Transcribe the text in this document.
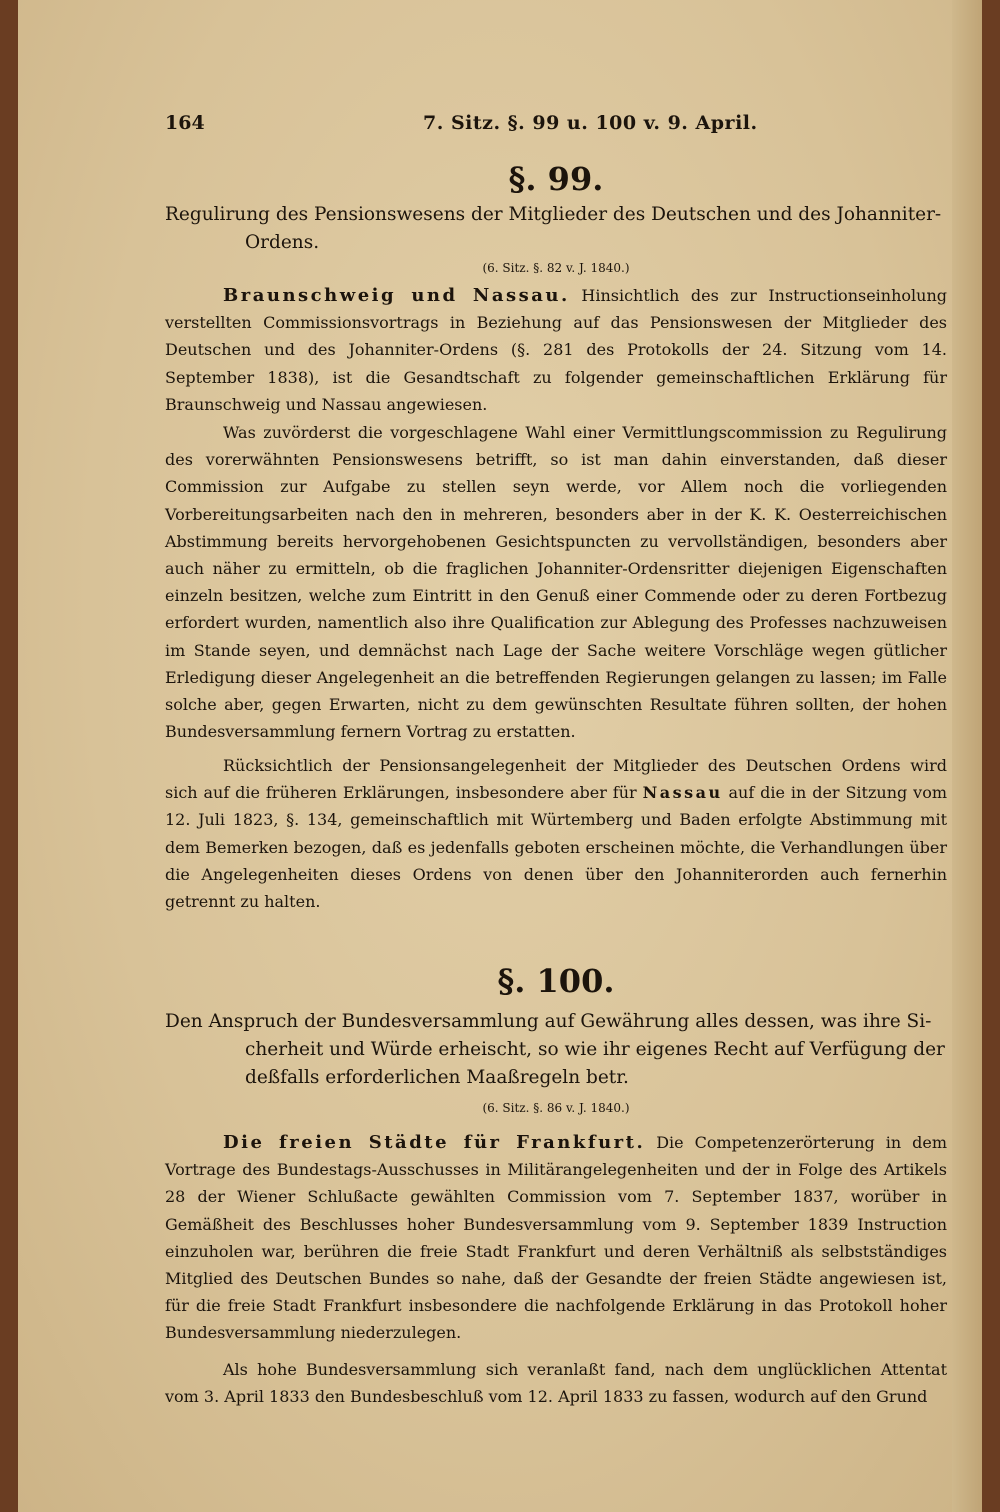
164	7. Sitz. §. 99 u. 100 v. 9. April.
§. 99.
Regulirung des Pensionswesens der Mitglieder des Deutschen und des Johanniter-
Ordens.
(6. Sitz. §. 82 v. J. 1840.)

Braunschweig und Nassau. Hinsichtlich des zur Instructionseinholung verstellten Commissionsvortrags in Beziehung auf das Pensionswesen der Mitglieder des Deutschen und des Johanniter-Ordens (§. 281 des Protokolls der 24. Sitzung vom 14. September 1838), ist die Gesandtschaft zu folgender gemeinschaftlichen Erklärung für Braunschweig und Nassau angewiesen.

Was zuvörderst die vorgeschlagene Wahl einer Vermittlungscommission zu Regulirung des vorerwähnten Pensionswesens betrifft, so ist man dahin einverstanden, daß dieser Commission zur Aufgabe zu stellen seyn werde, vor Allem noch die vorliegenden Vorbereitungsarbeiten nach den in mehreren, besonders aber in der K. K. Oesterreichischen Abstimmung bereits hervorgehobenen Gesichtspuncten zu vervollständigen, besonders aber auch näher zu ermitteln, ob die fraglichen Johanniter-Ordensritter diejenigen Eigenschaften einzeln besitzen, welche zum Eintritt in den Genuß einer Commende oder zu deren Fortbezug erfordert wurden, namentlich also ihre Qualification zur Ablegung des Professes nachzuweisen im Stande seyen, und demnächst nach Lage der Sache weitere Vorschläge wegen gütlicher Erledigung dieser Angelegenheit an die betreffenden Regierungen gelangen zu lassen; im Falle solche aber, gegen Erwarten, nicht zu dem gewünschten Resultate führen sollten, der hohen Bundesversammlung fernern Vortrag zu erstatten.

Rücksichtlich der Pensionsangelegenheit der Mitglieder des Deutschen Ordens wird sich auf die früheren Erklärungen, insbesondere aber für Nassau auf die in der Sitzung vom 12. Juli 1823, §. 134, gemeinschaftlich mit Würtemberg und Baden erfolgte Abstimmung mit dem Bemerken bezogen, daß es jedenfalls geboten erscheinen möchte, die Verhandlungen über die Angelegenheiten dieses Ordens von denen über den Johanniterorden auch fernerhin getrennt zu halten.

§. 100.
Den Anspruch der Bundesversammlung auf Gewährung alles dessen, was ihre Si-
cherheit und Würde erheischt, so wie ihr eigenes Recht auf Verfügung der
deßfalls erforderlichen Maaßregeln betr.
(6. Sitz. §. 86 v. J. 1840.)

Die freien Städte für Frankfurt. Die Competenzerörterung in dem Vortrage des Bundestags-Ausschusses in Militärangelegenheiten und der in Folge des Artikels 28 der Wiener Schlußacte gewählten Commission vom 7. September 1837, worüber in Gemäßheit des Beschlusses hoher Bundesversammlung vom 9. September 1839 Instruction einzuholen war, berühren die freie Stadt Frankfurt und deren Verhältniß als selbstständiges Mitglied des Deutschen Bundes so nahe, daß der Gesandte der freien Städte angewiesen ist, für die freie Stadt Frankfurt insbesondere die nachfolgende Erklärung in das Protokoll hoher Bundesversammlung niederzulegen.

Als hohe Bundesversammlung sich veranlaßt fand, nach dem unglücklichen Attentat vom 3. April 1833 den Bundesbeschluß vom 12. April 1833 zu fassen, wodurch auf den Grund
